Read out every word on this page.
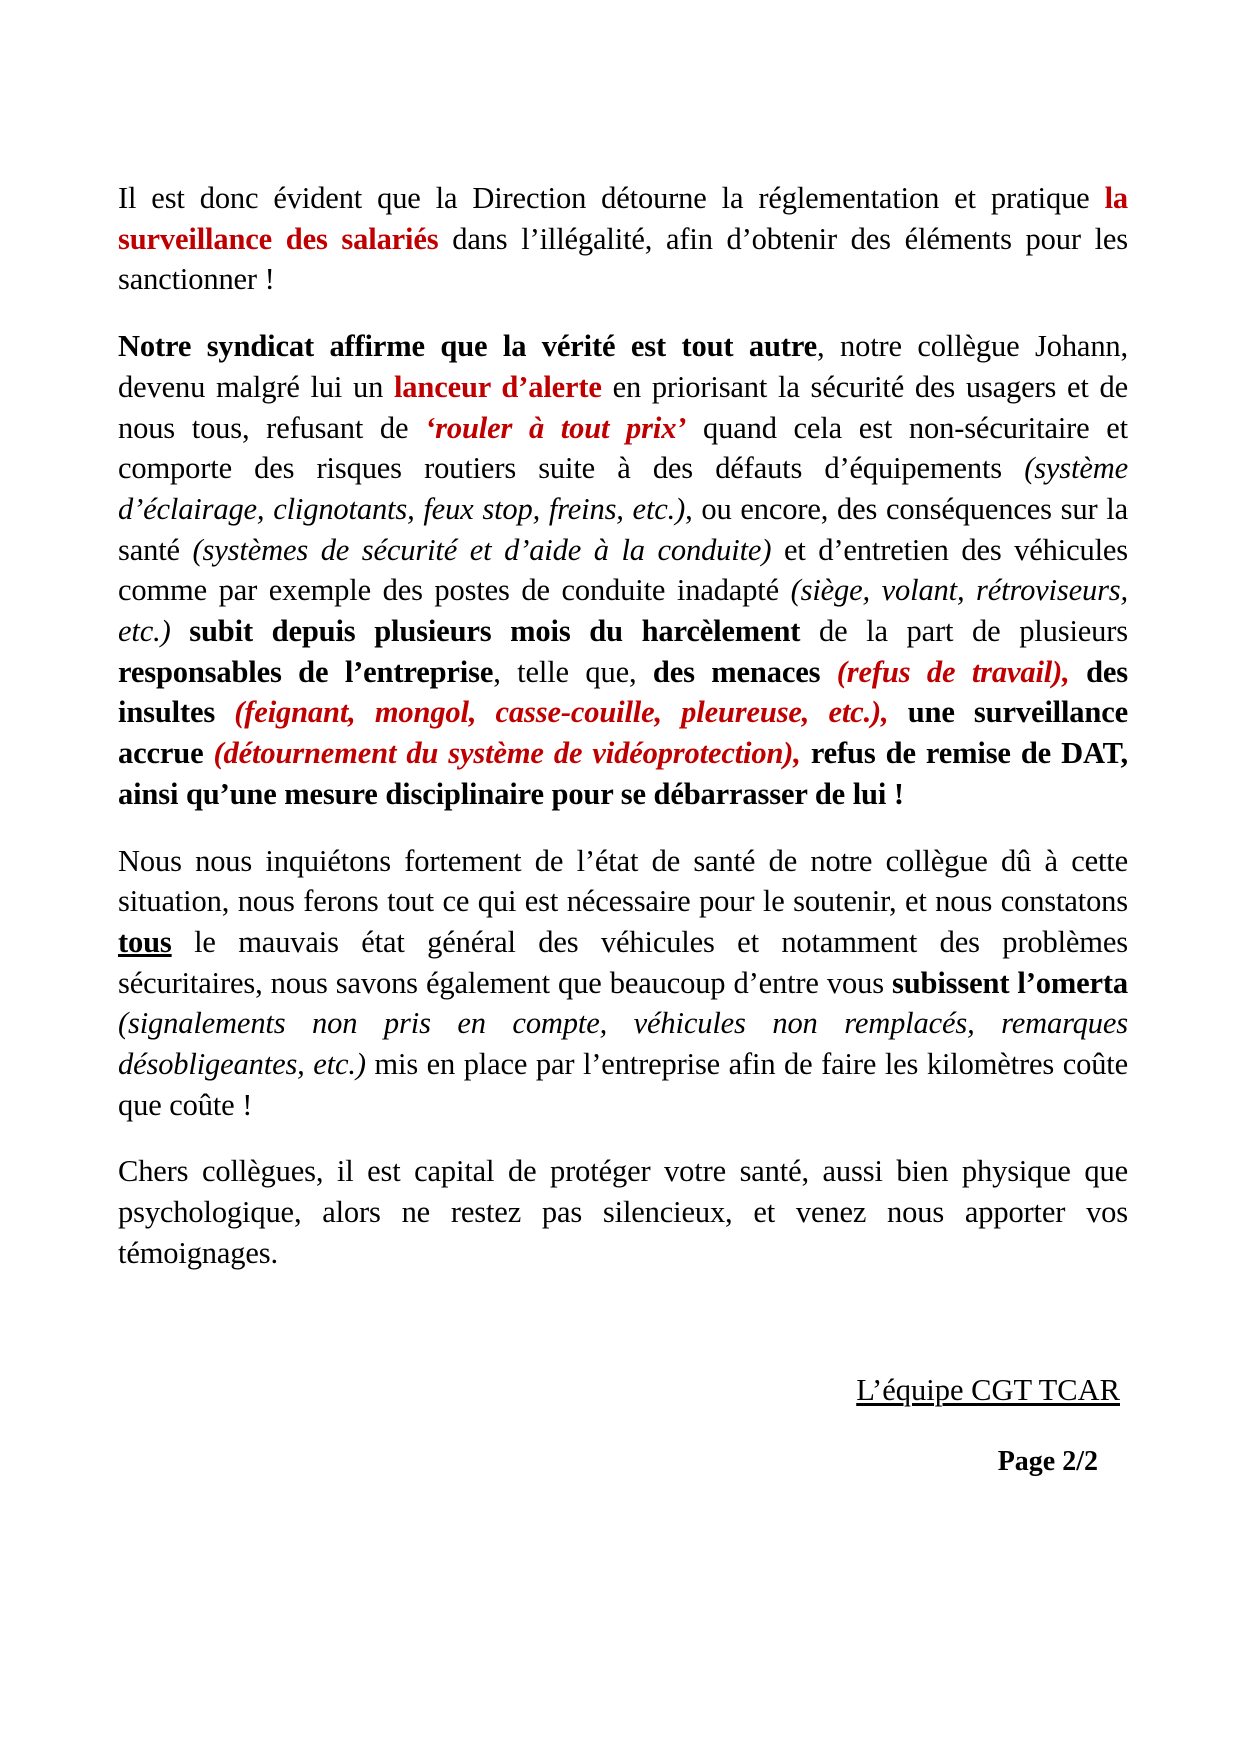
Il est donc évident que la Direction détourne la réglementation et pratique la surveillance des salariés dans l’illégalité, afin d’obtenir des éléments pour les sanctionner !

Notre syndicat affirme que la vérité est tout autre, notre collègue Johann, devenu malgré lui un lanceur d’alerte en priorisant la sécurité des usagers et de nous tous, refusant de ‘rouler à tout prix’ quand cela est non-sécuritaire et comporte des risques routiers suite à des défauts d’équipements (système d’éclairage, clignotants, feux stop, freins, etc.), ou encore, des conséquences sur la santé (systèmes de sécurité et d’aide à la conduite) et d’entretien des véhicules comme par exemple des postes de conduite inadapté (siège, volant, rétroviseurs, etc.) subit depuis plusieurs mois du harcèlement de la part de plusieurs responsables de l’entreprise, telle que, des menaces (refus de travail), des insultes (feignant, mongol, casse-couille, pleureuse, etc.), une surveillance accrue (détournement du système de vidéoprotection), refus de remise de DAT, ainsi qu’une mesure disciplinaire pour se débarrasser de lui !

Nous nous inquiétons fortement de l’état de santé de notre collègue dû à cette situation, nous ferons tout ce qui est nécessaire pour le soutenir, et nous constatons tous le mauvais état général des véhicules et notamment des problèmes sécuritaires, nous savons également que beaucoup d’entre vous subissent l’omerta (signalements non pris en compte, véhicules non remplacés, remarques désobligeantes, etc.) mis en place par l’entreprise afin de faire les kilomètres coûte que coûte !

Chers collègues, il est capital de protéger votre santé, aussi bien physique que psychologique, alors ne restez pas silencieux, et venez nous apporter vos témoignages.

L’équipe CGT TCAR
Page 2/2
